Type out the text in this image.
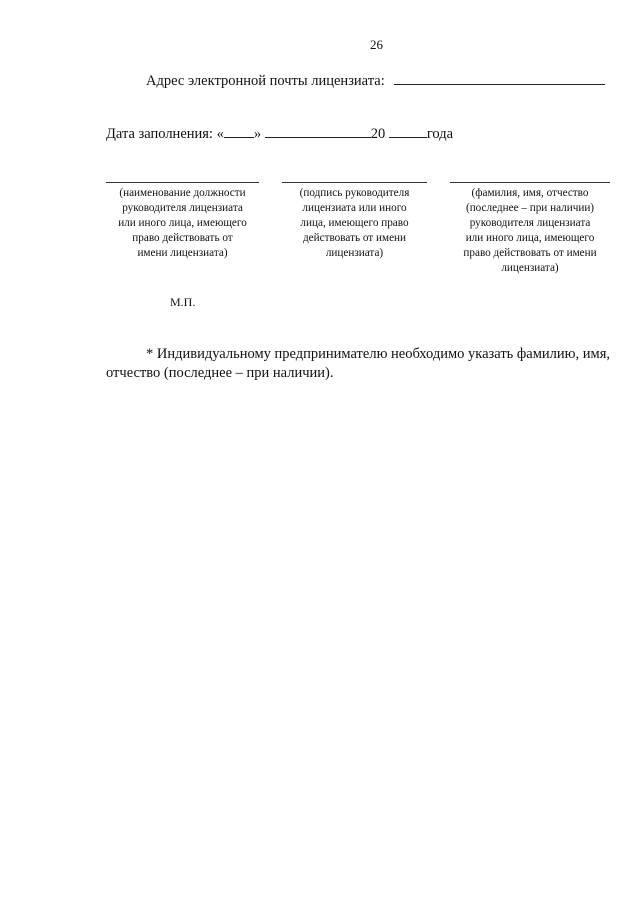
26
Адрес электронной почты лицензиата:
Дата заполнения: « »	20	года
(наименование должности
руководителя лицензиата
или иного лица, имеющего
право действовать от
имени лицензиата)
(подпись руководителя
лицензиата или иного
лица, имеющего право
действовать от имени
лицензиата)
(фамилия, имя, отчество
(последнее – при наличии)
руководителя лицензиата
или иного лица, имеющего
право действовать от имени
лицензиата)
М.П.
* Индивидуальному предпринимателю необходимо указать фамилию, имя, отчество (последнее – при наличии).
